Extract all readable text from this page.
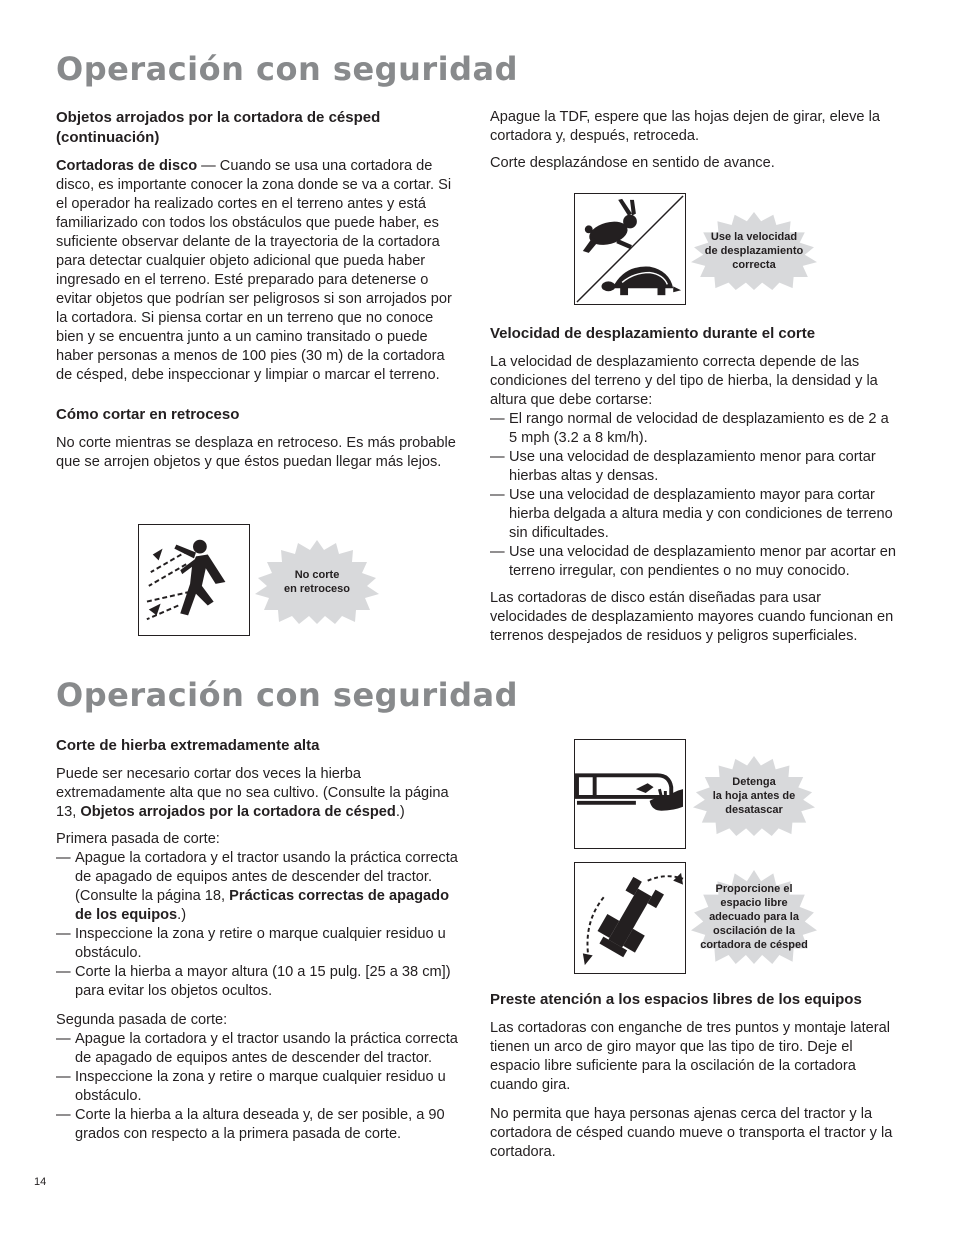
Operación con seguridad
Objetos arrojados por la cortadora de césped (continuación)

Cortadoras de disco — Cuando se usa una cortadora de disco, es importante conocer la zona donde se va a cortar. Si el operador ha realizado cortes en el terreno antes y está familiarizado con todos los obstáculos que puede haber, es suficiente observar delante de la trayectoria de la cortadora para detectar cualquier objeto adicional que pueda haber ingresado en el terreno. Esté preparado para detenerse o evitar objetos que podrían ser peligrosos si son arrojados por la cortadora. Si piensa cortar en un terreno que no conoce bien y se encuentra junto a un camino transitado o puede haber personas a menos de 100 pies (30 m) de la cortadora de césped, debe inspeccionar y limpiar o marcar el terreno.

Cómo cortar en retroceso

No corte mientras se desplaza en retroceso. Es más probable que se arrojen objetos y que éstos puedan llegar más lejos.

No corte
en retroceso

Apague la TDF, espere que las hojas dejen de girar, eleve la cortadora y, después, retroceda.

Corte desplazándose en sentido de avance.

Use la velocidad
de desplazamiento
correcta
Velocidad de desplazamiento durante el corte

La velocidad de desplazamiento correcta depende de las condiciones del terreno y del tipo de hierba, la densidad y la altura que debe cortarse:

— El rango normal de velocidad de desplazamiento es de 2 a 5 mph (3.2 a 8 km/h).
— Use una velocidad de desplazamiento menor para cortar hierbas altas y densas.
— Use una velocidad de desplazamiento mayor para cortar hierba delgada a altura media y con condiciones de terreno sin dificultades.
— Use una velocidad de desplazamiento menor par acortar en terreno irregular, con pendientes o no muy conocido.

Las cortadoras de disco están diseñadas para usar velocidades de desplazamiento mayores cuando funcionan en terrenos despejados de residuos y peligros superficiales.

Operación con seguridad
Corte de hierba extremadamente alta

Puede ser necesario cortar dos veces la hierba extremadamente alta que no sea cultivo. (Consulte la página 13, Objetos arrojados por la cortadora de césped.)

Primera pasada de corte:

— Apague la cortadora y el tractor usando la práctica correcta de apagado de equipos antes de descender del tractor. (Consulte la página 18, Prácticas correctas de apagado de los equipos.)
— Inspeccione la zona y retire o marque cualquier residuo u obstáculo.
— Corte la hierba a mayor altura (10 a 15 pulg. [25 a 38 cm]) para evitar los objetos ocultos.

Segunda pasada de corte:

— Apague la cortadora y el tractor usando la práctica correcta de apagado de equipos antes de descender del tractor.
— Inspeccione la zona y retire o marque cualquier residuo u obstáculo.
— Corte la hierba a la altura deseada y, de ser posible, a 90 grados con respecto a la primera pasada de corte.
Detenga
la hoja antes de
desatascar
Proporcione el
espacio libre
adecuado para la
oscilación de la
cortadora de césped
Preste atención a los espacios libres de los equipos

Las cortadoras con enganche de tres puntos y montaje lateral tienen un arco de giro mayor que las tipo de tiro. Deje el espacio libre suficiente para la oscilación de la cortadora cuando gira.

No permita que haya personas ajenas cerca del tractor y la cortadora de césped cuando mueve o transporta el tractor y la cortadora.

14
